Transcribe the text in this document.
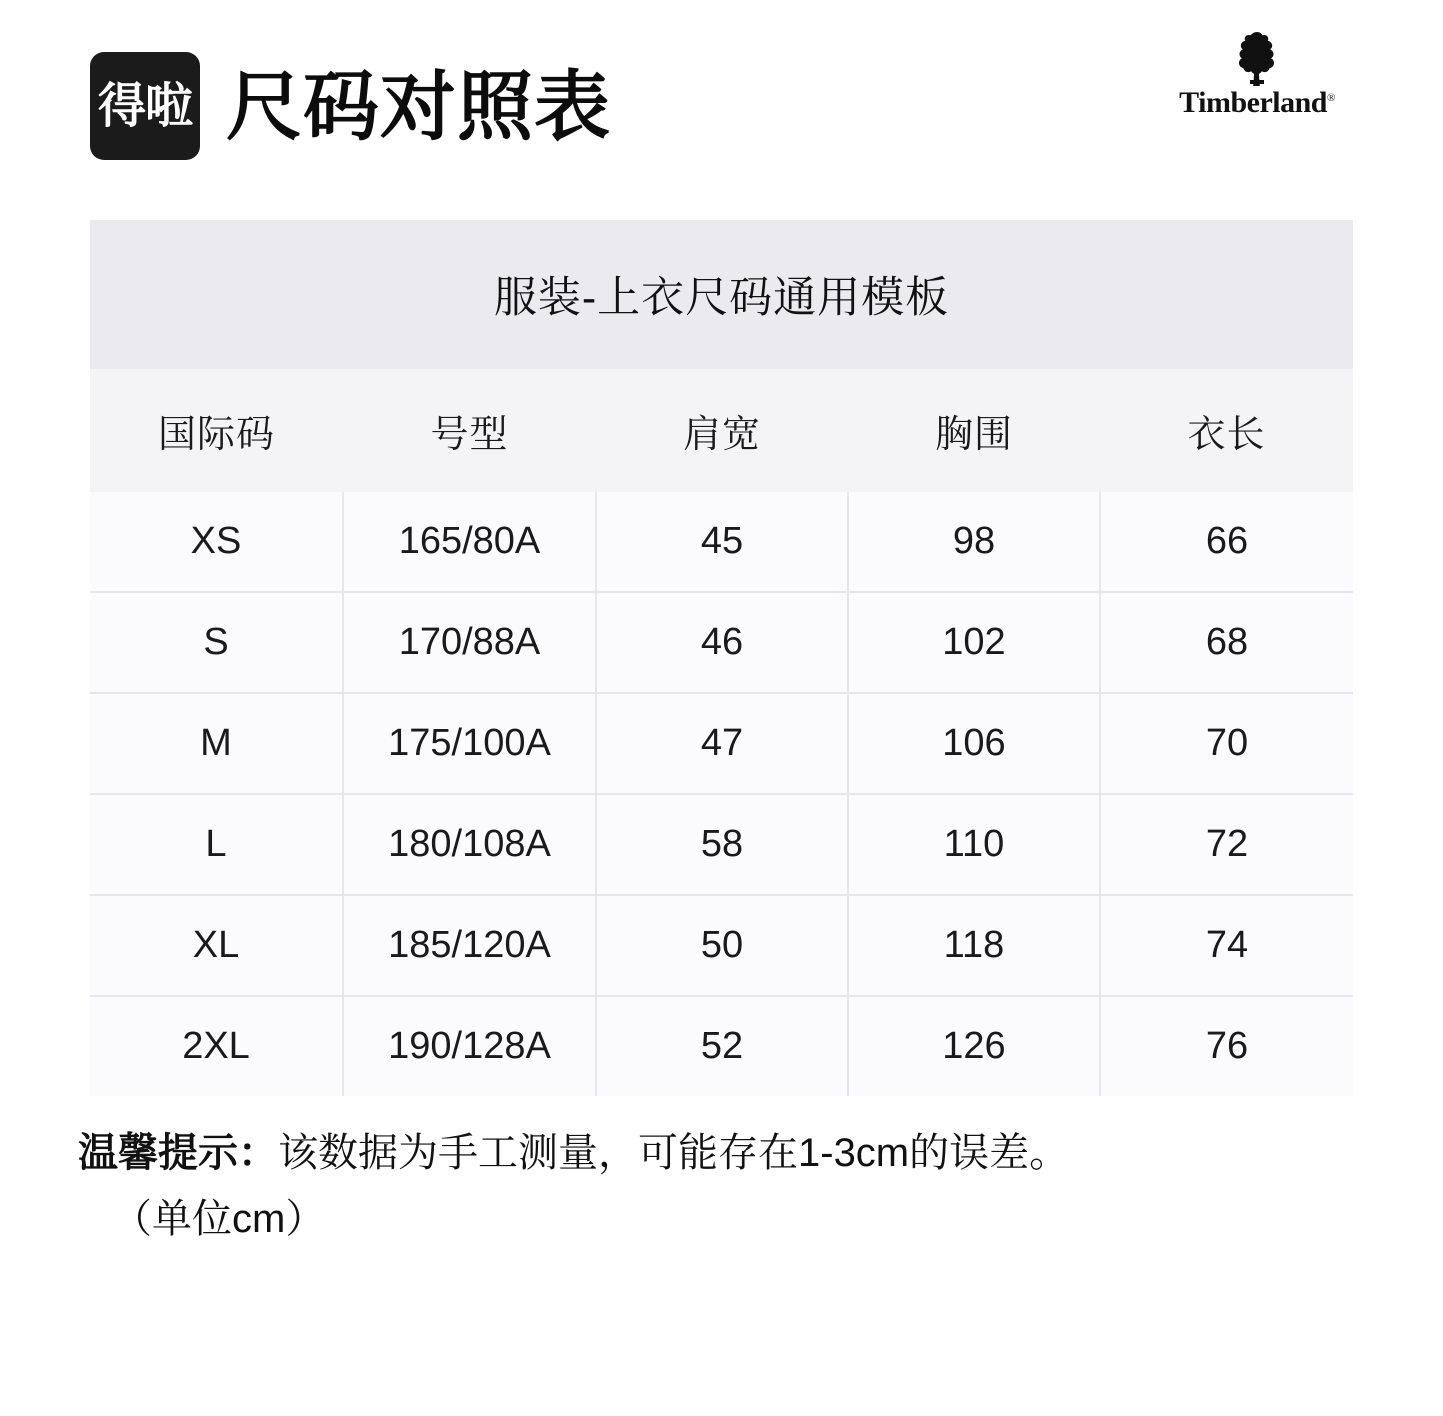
得啦 尺码对照表	Timberland®
服装-上衣尺码通用模板
国际码	号型	肩宽	胸围	衣长
XS	165/80A	45	98	66
S	170/88A	46	102	68
M	175/100A	47	106	70
L	180/108A	58	110	72
XL	185/120A	50	118	74
2XL	190/128A	52	126	76
温馨提示：该数据为手工测量，可能存在1-3cm的误差。
（单位cm）
